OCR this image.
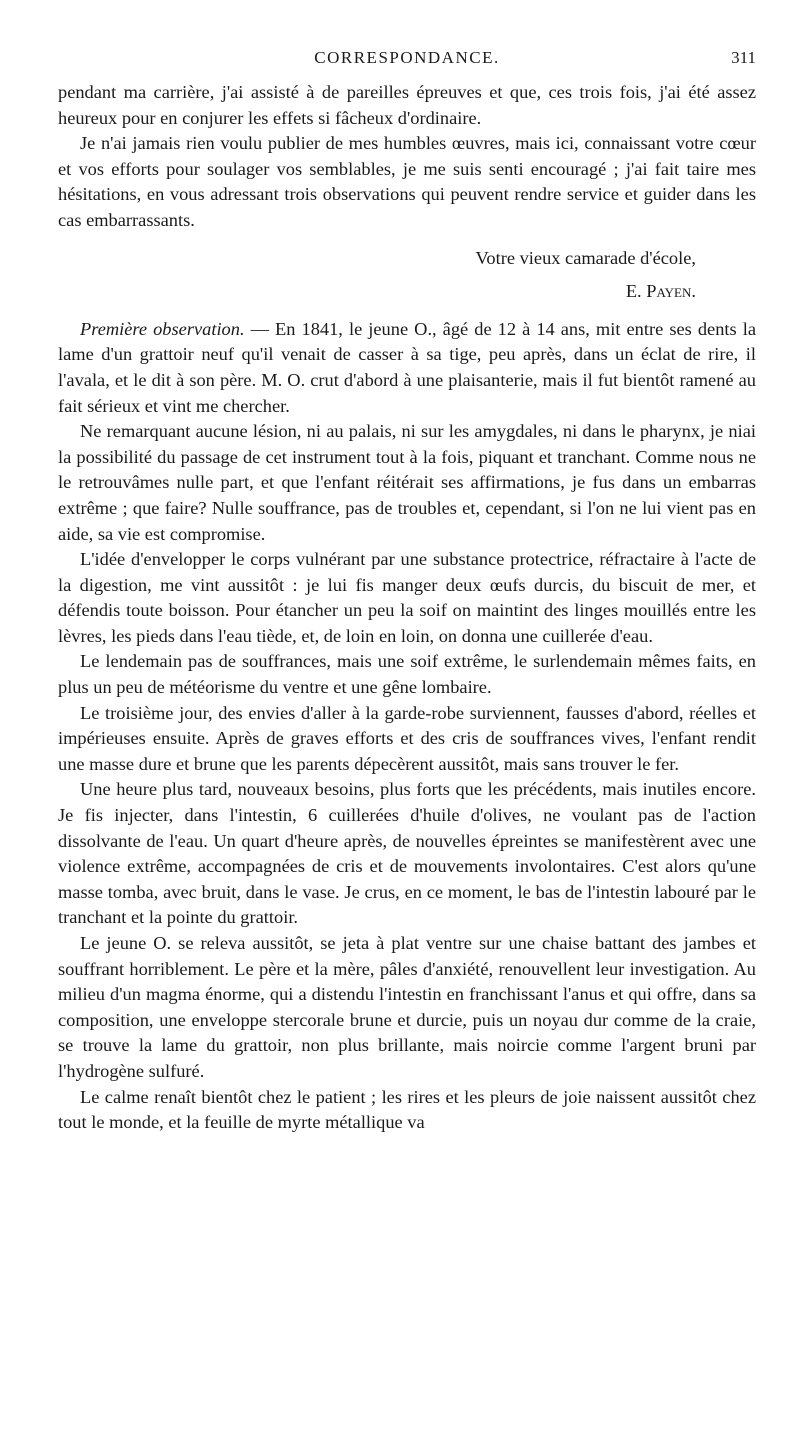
CORRESPONDANCE.	311

pendant ma carrière, j'ai assisté à de pareilles épreuves et que, ces trois fois, j'ai été assez heureux pour en conjurer les effets si fâcheux d'ordinaire.

Je n'ai jamais rien voulu publier de mes humbles œuvres, mais ici, connaissant votre cœur et vos efforts pour soulager vos semblables, je me suis senti encouragé ; j'ai fait taire mes hésitations, en vous adressant trois observations qui peuvent rendre service et guider dans les cas embarrassants.

Votre vieux camarade d'école,

E. Payen.

Première observation. — En 1841, le jeune O., âgé de 12 à 14 ans, mit entre ses dents la lame d'un grattoir neuf qu'il venait de casser à sa tige, peu après, dans un éclat de rire, il l'avala, et le dit à son père. M. O. crut d'abord à une plaisanterie, mais il fut bientôt ramené au fait sérieux et vint me chercher.

Ne remarquant aucune lésion, ni au palais, ni sur les amygdales, ni dans le pharynx, je niai la possibilité du passage de cet instrument tout à la fois, piquant et tranchant. Comme nous ne le retrouvâmes nulle part, et que l'enfant réitérait ses affirmations, je fus dans un embarras extrême ; que faire? Nulle souffrance, pas de troubles et, cependant, si l'on ne lui vient pas en aide, sa vie est compromise.

L'idée d'envelopper le corps vulnérant par une substance protectrice, réfractaire à l'acte de la digestion, me vint aussitôt : je lui fis manger deux œufs durcis, du biscuit de mer, et défendis toute boisson. Pour étancher un peu la soif on maintint des linges mouillés entre les lèvres, les pieds dans l'eau tiède, et, de loin en loin, on donna une cuillerée d'eau.

Le lendemain pas de souffrances, mais une soif extrême, le surlendemain mêmes faits, en plus un peu de météorisme du ventre et une gêne lombaire.

Le troisième jour, des envies d'aller à la garde-robe surviennent, fausses d'abord, réelles et impérieuses ensuite. Après de graves efforts et des cris de souffrances vives, l'enfant rendit une masse dure et brune que les parents dépecèrent aussitôt, mais sans trouver le fer.

Une heure plus tard, nouveaux besoins, plus forts que les précédents, mais inutiles encore. Je fis injecter, dans l'intestin, 6 cuillerées d'huile d'olives, ne voulant pas de l'action dissolvante de l'eau. Un quart d'heure après, de nouvelles épreintes se manifestèrent avec une violence extrême, accompagnées de cris et de mouvements involontaires. C'est alors qu'une masse tomba, avec bruit, dans le vase. Je crus, en ce moment, le bas de l'intestin labouré par le tranchant et la pointe du grattoir.

Le jeune O. se releva aussitôt, se jeta à plat ventre sur une chaise battant des jambes et souffrant horriblement. Le père et la mère, pâles d'anxiété, renouvellent leur investigation. Au milieu d'un magma énorme, qui a distendu l'intestin en franchissant l'anus et qui offre, dans sa composition, une enveloppe stercorale brune et durcie, puis un noyau dur comme de la craie, se trouve la lame du grattoir, non plus brillante, mais noircie comme l'argent bruni par l'hydrogène sulfuré.

Le calme renaît bientôt chez le patient ; les rires et les pleurs de joie naissent aussitôt chez tout le monde, et la feuille de myrte métallique va
